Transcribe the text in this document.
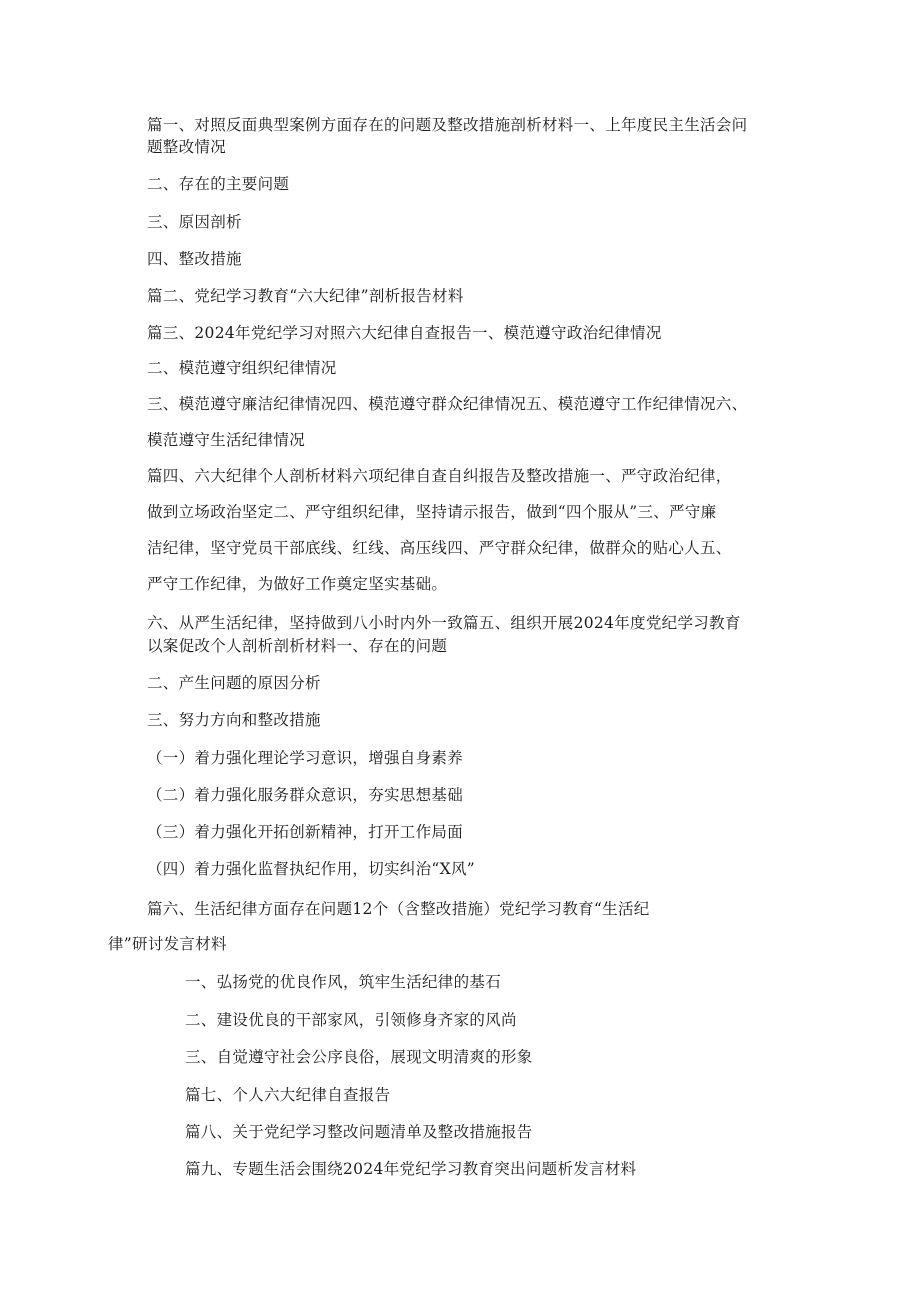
篇一、对照反面典型案例方面存在的问题及整改措施剖析材料一、上年度民主生活会问
题整改情况
二、存在的主要问题
三、原因剖析
四、整改措施
篇二、党纪学习教育“六大纪律”剖析报告材料
篇三、2024年党纪学习对照六大纪律自查报告一、模范遵守政治纪律情况
二、模范遵守组织纪律情况
三、模范遵守廉洁纪律情况四、模范遵守群众纪律情况五、模范遵守工作纪律情况六、
模范遵守生活纪律情况
篇四、六大纪律个人剖析材料六项纪律自查自纠报告及整改措施一、严守政治纪律，
做到立场政治坚定二、严守组织纪律，坚持请示报告，做到“四个服从”三、严守廉
洁纪律，坚守党员干部底线、红线、高压线四、严守群众纪律，做群众的贴心人五、
严守工作纪律，为做好工作奠定坚实基础。
六、从严生活纪律，坚持做到八小时内外一致篇五、组织开展2024年度党纪学习教育
以案促改个人剖析剖析材料一、存在的问题
二、产生问题的原因分析
三、努力方向和整改措施
（一）着力强化理论学习意识，增强自身素养
（二）着力强化服务群众意识，夯实思想基础
（三）着力强化开拓创新精神，打开工作局面
（四）着力强化监督执纪作用，切实纠治“X风”
篇六、生活纪律方面存在问题12个（含整改措施）党纪学习教育“生活纪
律”研讨发言材料
一、弘扬党的优良作风，筑牢生活纪律的基石
二、建设优良的干部家风，引领修身齐家的风尚
三、自觉遵守社会公序良俗，展现文明清爽的形象
篇七、个人六大纪律自查报告
篇八、关于党纪学习整改问题清单及整改措施报告
篇九、专题生活会围绕2024年党纪学习教育突出问题析发言材料
